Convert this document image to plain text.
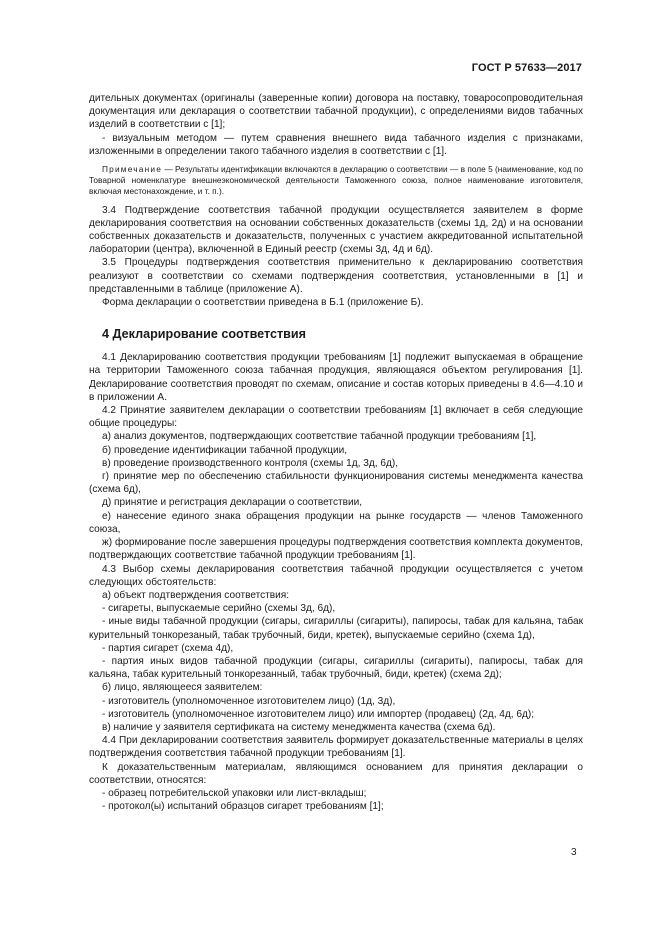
ГОСТ Р 57633—2017

дительных документах (оригиналы (заверенные копии) договора на поставку, товаросопроводительная документация или декларация о соответствии табачной продукции), с определениями видов табачных изделий в соответствии с [1];

- визуальным методом — путем сравнения внешнего вида табачного изделия с признаками, изложенными в определении такого табачного изделия в соответствии с [1].

Примечание — Результаты идентификации включаются в декларацию о соответствии — в поле 5 (наименование, код по Товарной номенклатуре внешнеэкономической деятельности Таможенного союза, полное наименование изготовителя, включая местонахождение, и т. п.).

3.4 Подтверждение соответствия табачной продукции осуществляется заявителем в форме декларирования соответствия на основании собственных доказательств (схемы 1д, 2д) и на основании собственных доказательств и доказательств, полученных с участием аккредитованной испытательной лаборатории (центра), включенной в Единый реестр (схемы 3д, 4д и 6д).

3.5 Процедуры подтверждения соответствия применительно к декларированию соответствия реализуют в соответствии со схемами подтверждения соответствия, установленными в [1] и представленными в таблице (приложение А).

Форма декларации о соответствии приведена в Б.1 (приложение Б).

4 Декларирование соответствия

4.1 Декларированию соответствия продукции требованиям [1] подлежит выпускаемая в обращение на территории Таможенного союза табачная продукция, являющаяся объектом регулирования [1]. Декларирование соответствия проводят по схемам, описание и состав которых приведены в 4.6—4.10 и в приложении А.

4.2 Принятие заявителем декларации о соответствии требованиям [1] включает в себя следующие общие процедуры:

а) анализ документов, подтверждающих соответствие табачной продукции требованиям [1],

б) проведение идентификации табачной продукции,

в) проведение производственного контроля (схемы 1д, 3д, 6д),

г) принятие мер по обеспечению стабильности функционирования системы менеджмента качества (схема 6д),

д) принятие и регистрация декларации о соответствии,

е) нанесение единого знака обращения продукции на рынке государств — членов Таможенного союза,

ж) формирование после завершения процедуры подтверждения соответствия комплекта документов, подтверждающих соответствие табачной продукции требованиям [1].

4.3 Выбор схемы декларирования соответствия табачной продукции осуществляется с учетом следующих обстоятельств:

а) объект подтверждения соответствия:

- сигареты, выпускаемые серийно (схемы 3д, 6д),

- иные виды табачной продукции (сигары, сигариллы (сигариты), папиросы, табак для кальяна, табак курительный тонкорезаный, табак трубочный, биди, кретек), выпускаемые серийно (схема 1д),

- партия сигарет (схема 4д),

- партия иных видов табачной продукции (сигары, сигариллы (сигариты), папиросы, табак для кальяна, табак курительный тонкорезанный, табак трубочный, биди, кретек) (схема 2д);

б) лицо, являющееся заявителем:

- изготовитель (уполномоченное изготовителем лицо) (1д, 3д),

- изготовитель (уполномоченное изготовителем лицо) или импортер (продавец) (2д, 4д, 6д);

в) наличие у заявителя сертификата на систему менеджмента качества (схема 6д).

4.4 При декларировании соответствия заявитель формирует доказательственные материалы в целях подтверждения соответствия табачной продукции требованиям [1].

К доказательственным материалам, являющимся основанием для принятия декларации о соответствии, относятся:

- образец потребительской упаковки или лист-вкладыш;

- протокол(ы) испытаний образцов сигарет требованиям [1];

3
